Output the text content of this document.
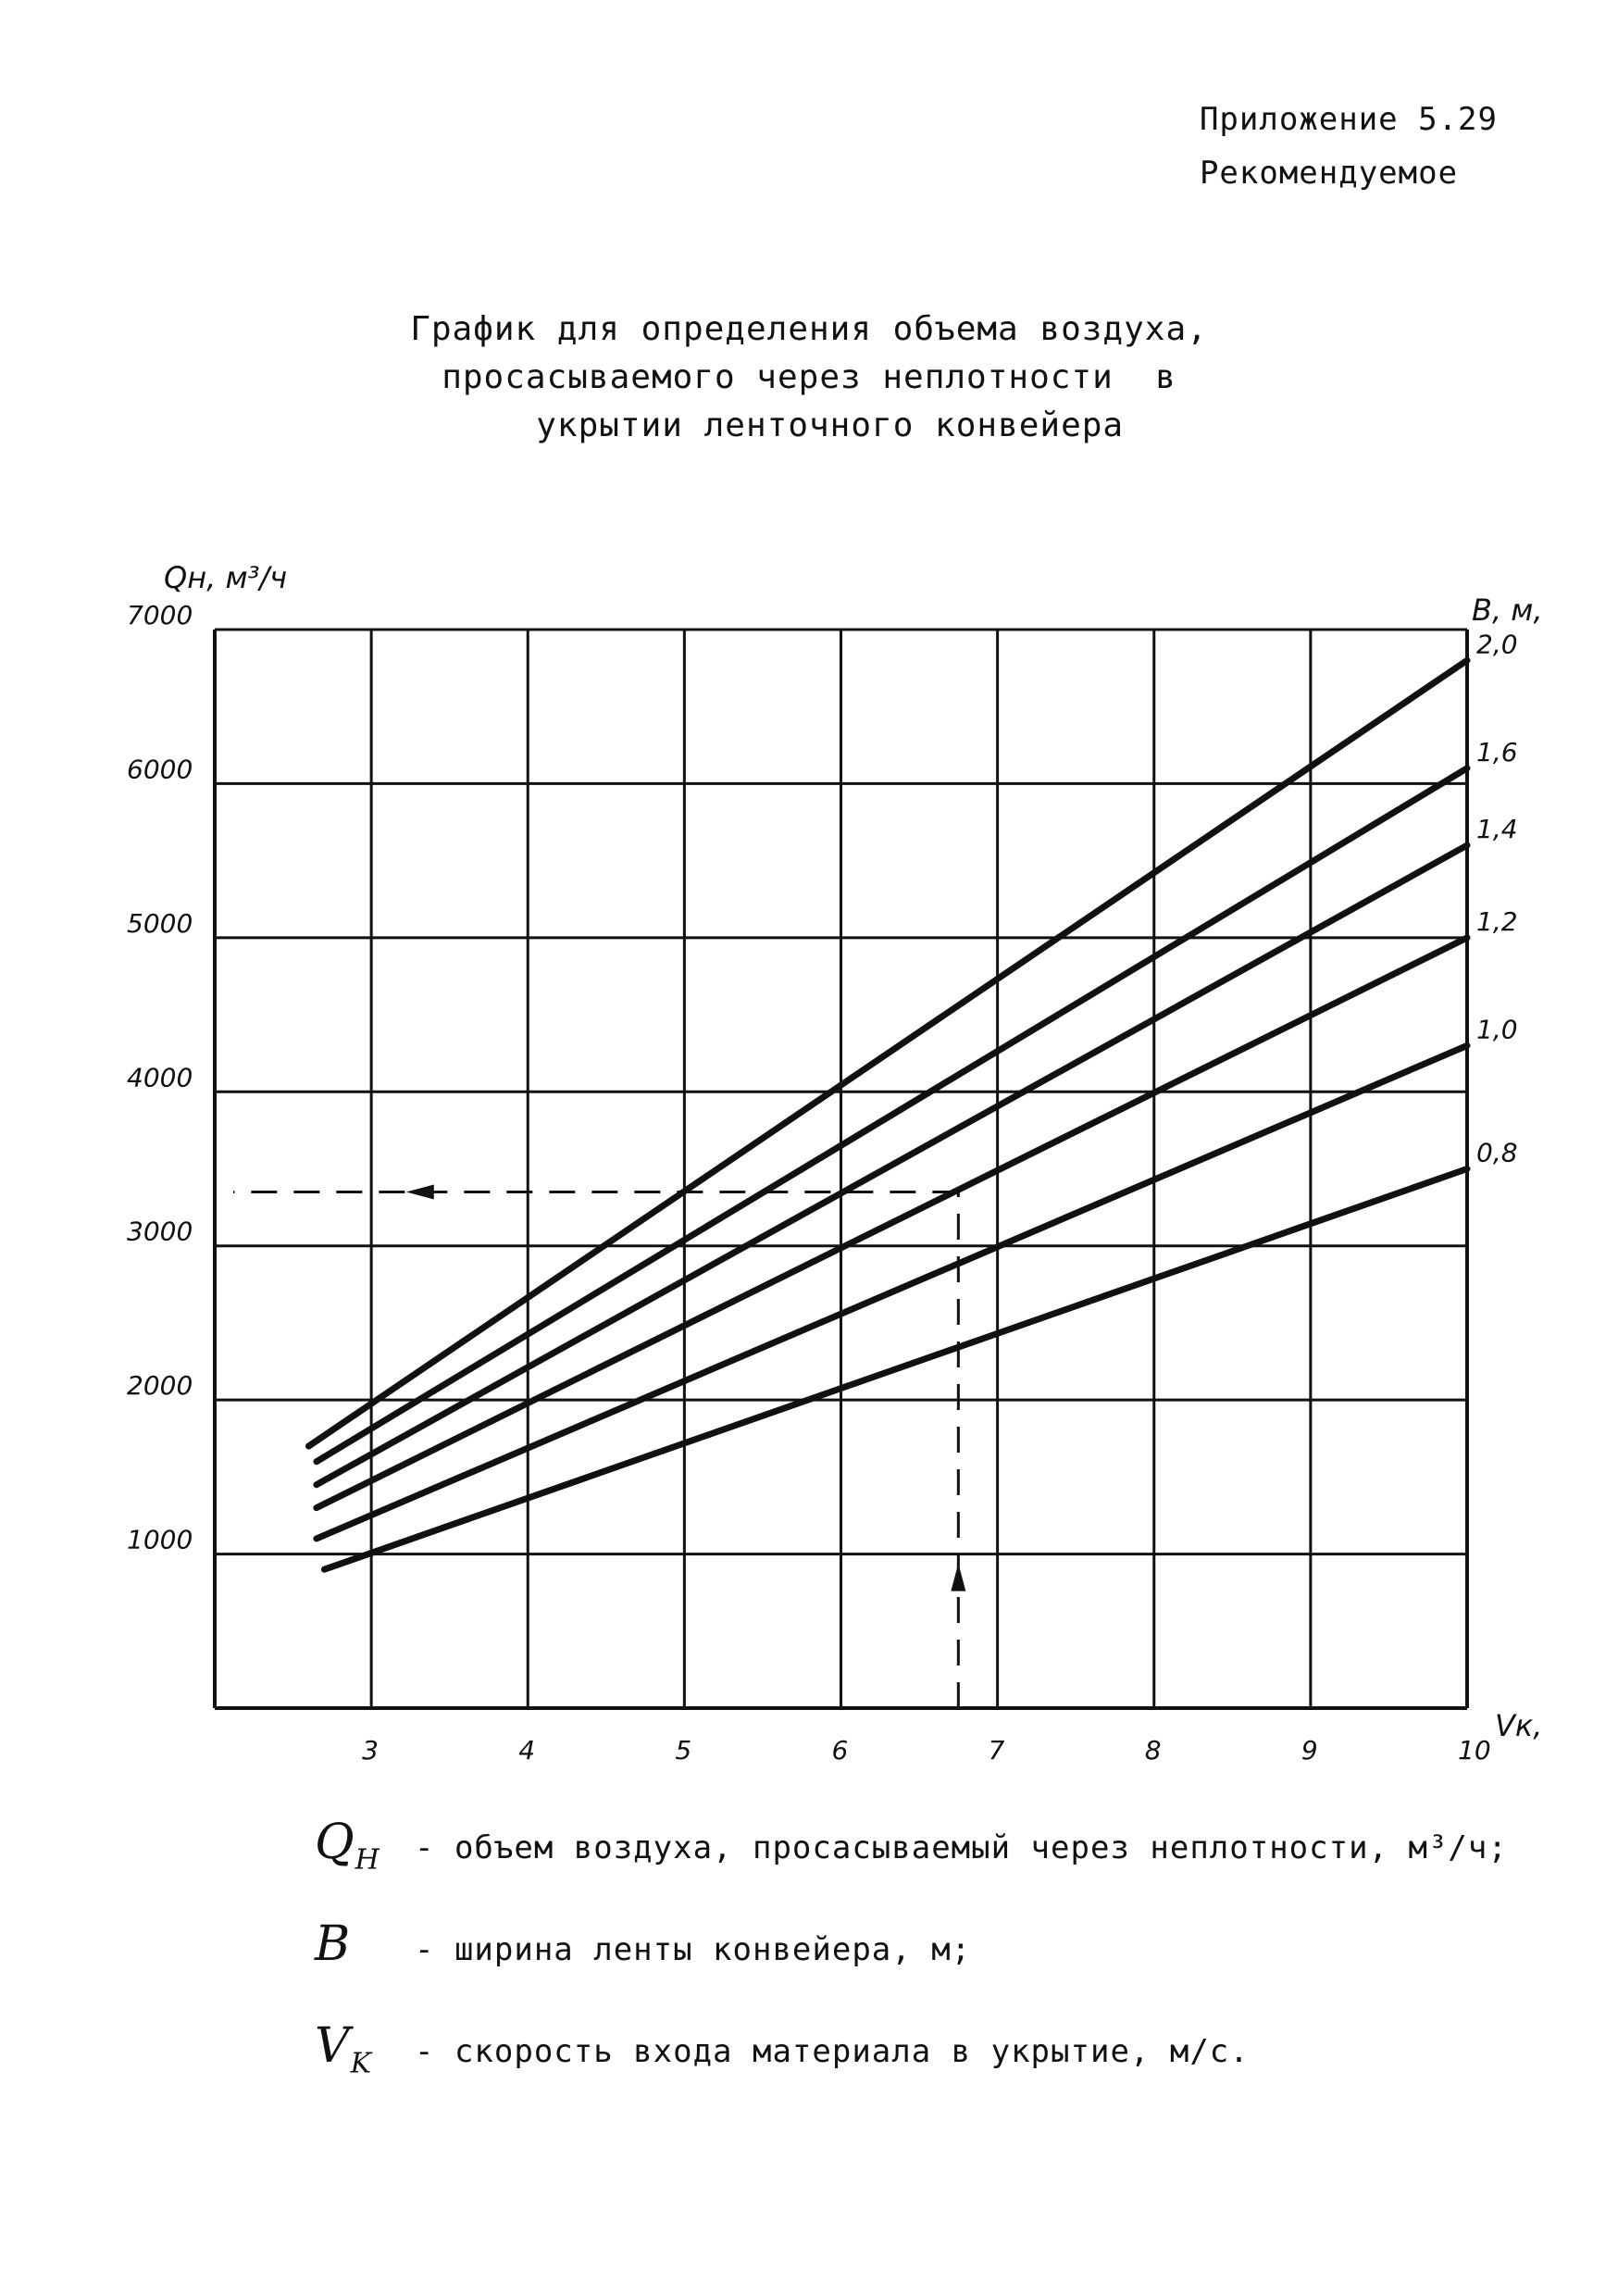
Приложение 5.29
Рекомендуемое
График для определения объема воздуха,
просасываемого через неплотности  в
укрытии ленточного конвейера
1000
2000
3000
4000
5000
6000
7000
3	4	5	6	7	8	9	10
2,0
1,6
1,4
1,2
1,0
0,8
Qн, м³/ч
Vк,
B, м,
$Q_H$	- объем воздуха, просасываемый через неплотности, м³/ч;
B	- ширина ленты конвейера, м;
$V_K$	- скорость входа материала в укрытие, м/с.
